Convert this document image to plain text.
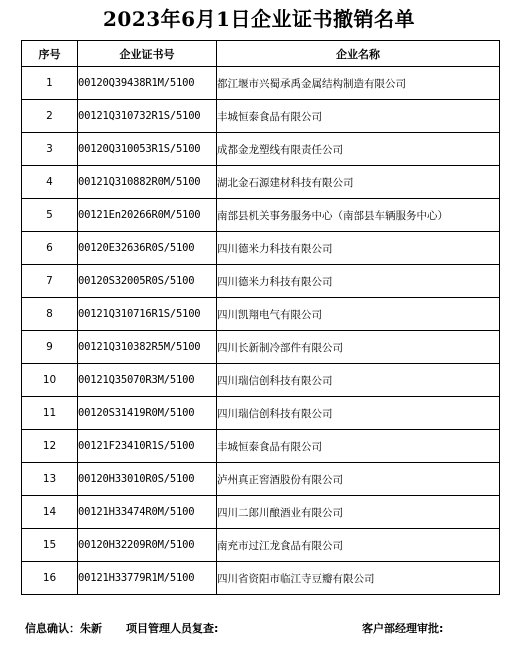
2023年6月1日企业证书撤销名单
序号	企业证书号	企业名称
1	00120Q39438R1M/5100	都江堰市兴蜀承禹金属结构制造有限公司
2	00121Q310732R1S/5100	丰城恒泰食品有限公司
3	00120Q310053R1S/5100	成都金龙塑线有限责任公司
4	00121Q310882R0M/5100	湖北金石源建材科技有限公司
5	00121En20266R0M/5100	南部县机关事务服务中心（南部县车辆服务中心）
6	00120E32636R0S/5100	四川德米力科技有限公司
7	00120S32005R0S/5100	四川德米力科技有限公司
8	00121Q310716R1S/5100	四川凯翔电气有限公司
9	00121Q310382R5M/5100	四川长新制冷部件有限公司
10	00121Q35070R3M/5100	四川瑞信创科技有限公司
11	00120S31419R0M/5100	四川瑞信创科技有限公司
12	00121F23410R1S/5100	丰城恒泰食品有限公司
13	00120H33010R0S/5100	泸州真正窖酒股份有限公司
14	00121H33474R0M/5100	四川二郎川酿酒业有限公司
15	00120H32209R0M/5100	南充市过江龙食品有限公司
16	00121H33779R1M/5100	四川省资阳市临江寺豆瓣有限公司
信息确认：朱新 项目管理人员复查:	客户部经理审批:
